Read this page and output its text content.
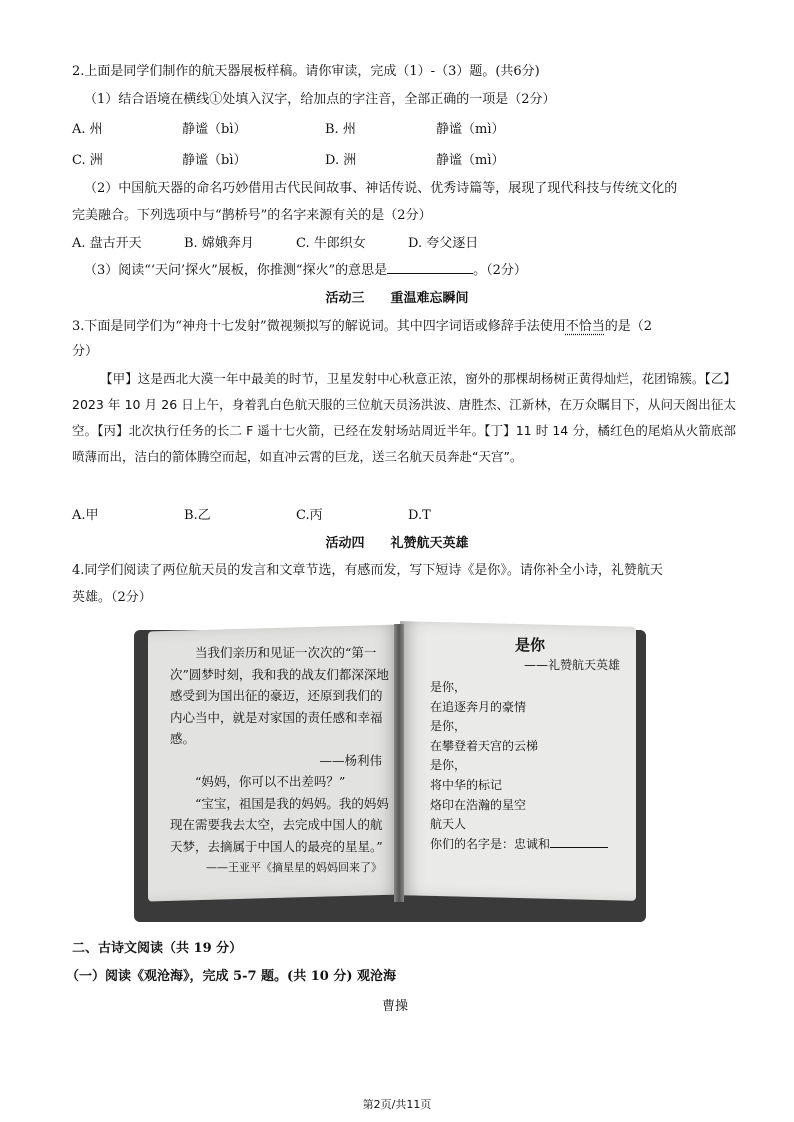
2.上面是同学们制作的航天器展板样稿。请你审读，完成（1）-（3）题。(共6分)
（1）结合语境在横线①处填入汉字，给加点的字注音，全部正确的一项是（2分）
A. 州	静谧（bì）	B. 州	静谧（mì）
C. 洲	静谧（bì）	D. 洲	静谧（mì）
（2）中国航天器的命名巧妙借用古代民间故事、神话传说、优秀诗篇等，展现了现代科技与传统文化的
完美融合。下列选项中与“鹊桥号”的名字来源有关的是（2分）
A. 盘古开天	B. 嫦娥奔月	C. 牛郎织女	D. 夸父逐日
（3）阅读“‘天问’探火”展板，你推测“探火”的意思是	。（2分）
活动三　　重温难忘瞬间
3.下面是同学们为“神舟十七发射”微视频拟写的解说词。其中四字词语或修辞手法使用不恰当的是（2
分）
【甲】这是西北大漠一年中最美的时节，卫星发射中心秋意正浓，窗外的那棵胡杨树正黄得灿烂，花团锦簇。【乙】2023 年 10 月 26 日上午，身着乳白色航天服的三位航天员汤洪波、唐胜杰、江新林，在万众瞩目下，从问天阁出征太空。【丙】北次执行任务的长二 F 遥十七火箭，已经在发射场站周近半年。【丁】11 时 14 分，橘红色的尾焰从火箭底部喷薄而出，洁白的箭体腾空而起，如直冲云霄的巨龙，送三名航天员奔赴“天宫”。
A.甲	B.乙	C.丙	D.T
活动四　　礼赞航天英雄
4.同学们阅读了两位航天员的发言和文章节选，有感而发，写下短诗《是你》。请你补全小诗，礼赞航天
英雄。（2分）

当我们亲历和见证一次次的“第一次”圆梦时刻，我和我的战友们都深深地感受到为国出征的豪迈，还原到我们的内心当中，就是对家国的责任感和幸福感。

——杨利伟

“妈妈，你可以不出差吗？”

“宝宝，祖国是我的妈妈。我的妈妈现在需要我去太空，去完成中国人的航天梦，去摘属于中国人的最亮的星星。”

——王亚平《摘星星的妈妈回来了》

是你
——礼赞航天英雄
是你，
在追逐奔月的豪情
是你，
在攀登着天宫的云梯
是你，
将中华的标记
烙印在浩瀚的星空
航天人
你们的名字是：忠诚和
二、古诗文阅读（共 19 分）
（一）阅读《观沧海》，完成 5-7 题。(共 10 分) 观沧海
曹操
第2页/共11页
